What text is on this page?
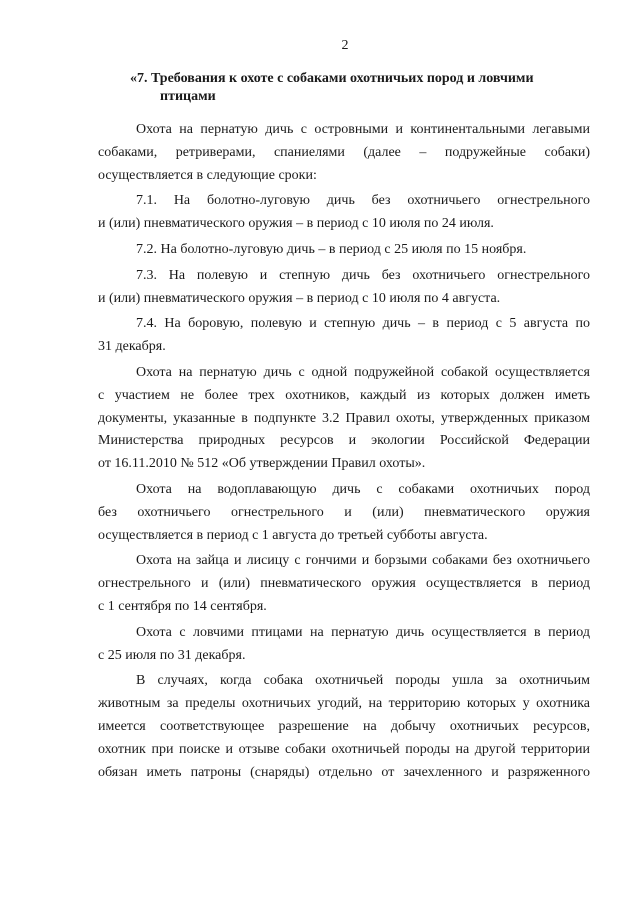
2
«7. Требования к охоте с собаками охотничьих пород и ловчими
птицами
Охота на пернатую дичь с островными и континентальными легавыми
собаками, ретриверами, спаниелями (далее – подружейные собаки)
осуществляется в следующие сроки:
7.1. На болотно-луговую дичь без охотничьего огнестрельного
и (или) пневматического оружия – в период с 10 июля по 24 июля.
7.2. На болотно-луговую дичь – в период с 25 июля по 15 ноября.
7.3. На полевую и степную дичь без охотничьего огнестрельного
и (или) пневматического оружия – в период с 10 июля по 4 августа.
7.4. На боровую, полевую и степную дичь – в период с 5 августа по
31 декабря.
Охота на пернатую дичь с одной подружейной собакой осуществляется
с участием не более трех охотников, каждый из которых должен иметь
документы, указанные в подпункте 3.2 Правил охоты, утвержденных приказом
Министерства природных ресурсов и экологии Российской Федерации
от 16.11.2010 № 512 «Об утверждении Правил охоты».
Охота на водоплавающую дичь с собаками охотничьих пород
без охотничьего огнестрельного и (или) пневматического оружия
осуществляется в период с 1 августа до третьей субботы августа.
Охота на зайца и лисицу с гончими и борзыми собаками без охотничьего
огнестрельного и (или) пневматического оружия осуществляется в период
с 1 сентября по 14 сентября.
Охота с ловчими птицами на пернатую дичь осуществляется в период
с 25 июля по 31 декабря.
В случаях, когда собака охотничьей породы ушла за охотничьим
животным за пределы охотничьих угодий, на территорию которых у охотника
имеется соответствующее разрешение на добычу охотничьих ресурсов,
охотник при поиске и отзыве собаки охотничьей породы на другой территории
обязан иметь патроны (снаряды) отдельно от зачехленного и разряженного
